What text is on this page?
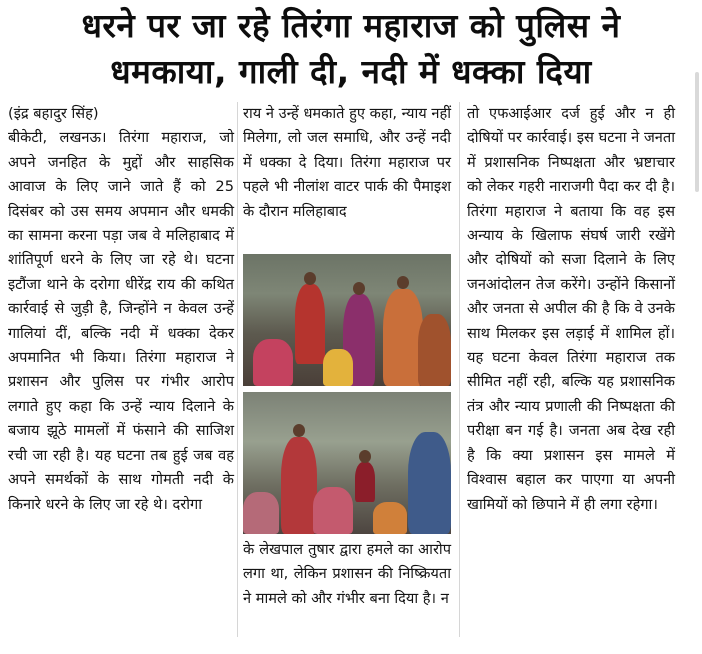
धरने पर जा रहे तिरंगा महाराज को पुलिस ने
धमकाया, गाली दी, नदी में धक्का दिया

(इंद्र बहादुर सिंह)

बीकेटी, लखनऊ। तिरंगा महाराज, जो अपने जनहित के मुद्दों और साहसिक आवाज के लिए जाने जाते हैं को 25 दिसंबर को उस समय अपमान और धमकी का सामना करना पड़ा जब वे मलिहाबाद में शांतिपूर्ण धरने के लिए जा रहे थे। घटना इटौंजा थाने के दरोगा धीरेंद्र राय की कथित कार्रवाई से जुड़ी है, जिन्होंने न केवल उन्हें गालियां दीं, बल्कि नदी में धक्का देकर अपमानित भी किया। तिरंगा महाराज ने प्रशासन और पुलिस पर गंभीर आरोप लगाते हुए कहा कि उन्हें न्याय दिलाने के बजाय झूठे मामलों में फंसाने की साजिश रची जा रही है। यह घटना तब हुई जब वह अपने समर्थकों के साथ गोमती नदी के किनारे धरने के लिए जा रहे थे। दरोगा

राय ने उन्हें धमकाते हुए कहा, न्याय नहीं मिलेगा, लो जल समाधि, और उन्हें नदी में धक्का दे दिया। तिरंगा महाराज पर पहले भी नीलांश वाटर पार्क की पैमाइश के दौरान मलिहाबाद

के लेखपाल तुषार द्वारा हमले का आरोप लगा था, लेकिन प्रशासन की निष्क्रियता ने मामले को और गंभीर बना दिया है। न

तो एफआईआर दर्ज हुई और न ही दोषियों पर कार्रवाई। इस घटना ने जनता में प्रशासनिक निष्पक्षता और भ्रष्टाचार को लेकर गहरी नाराजगी पैदा कर दी है। तिरंगा महाराज ने बताया कि वह इस अन्याय के खिलाफ संघर्ष जारी रखेंगे और दोषियों को सजा दिलाने के लिए जनआंदोलन तेज करेंगे। उन्होंने किसानों और जनता से अपील की है कि वे उनके साथ मिलकर इस लड़ाई में शामिल हों। यह घटना केवल तिरंगा महाराज तक सीमित नहीं रही, बल्कि यह प्रशासनिक तंत्र और न्याय प्रणाली की निष्पक्षता की परीक्षा बन गई है। जनता अब देख रही है कि क्या प्रशासन इस मामले में विश्वास बहाल कर पाएगा या अपनी खामियों को छिपाने में ही लगा रहेगा।
